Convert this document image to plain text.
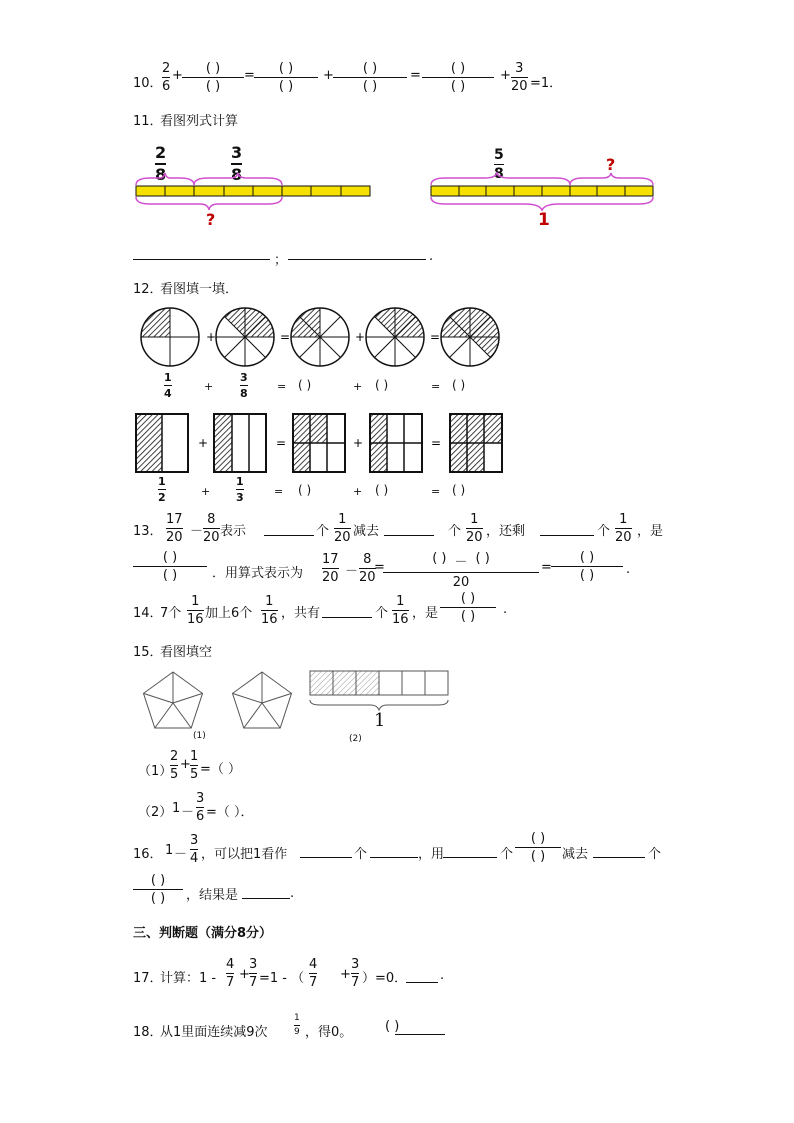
10．
2
6
+ ( )
( )
= ( )
( )
+ ( )
( )
= ( )
( )
+ 3
20 =1．
11．
看图列式计算
2
8
3
8
?
5
8	?
1
；	.
12．
看图填一填．
+	=	+	=
1
4
+
3
8
= ( )	+ ( )	= ( )
+	=	+	=
1
2	+
1
3	= ( )	+ ( )	= ( )
13．
17
20 －
8
20 表示	个
1
20 减去	个
1
20 ，还剩	个
1
20 ，是
( )
( )	．用算式表示为
17
20 －
8
20
=
( ) － ( )
20
=
( )
( ) .
14．
7个
1
16 加上6个
1
16 ，共有	个
1
16 ，是
( )
( ) .
15．
看图填空
(1)
1
(2)
（1）
2
5
+
1
5 =（ ）
（2） 1 －
3
6 =（ ）．
16． 1 －
3
4 ，可以把1看作	个	，用	个
( )
( ) 减去	个
( )
( ) ，结果是	.
三、判断题（满分8分）
17．
计算：1 -
4
7
+
3
7 =1 - （
4
7
+
3
7 ）=0．	.
18．
从1里面连续减9次
1
9 ，得0。	( )
